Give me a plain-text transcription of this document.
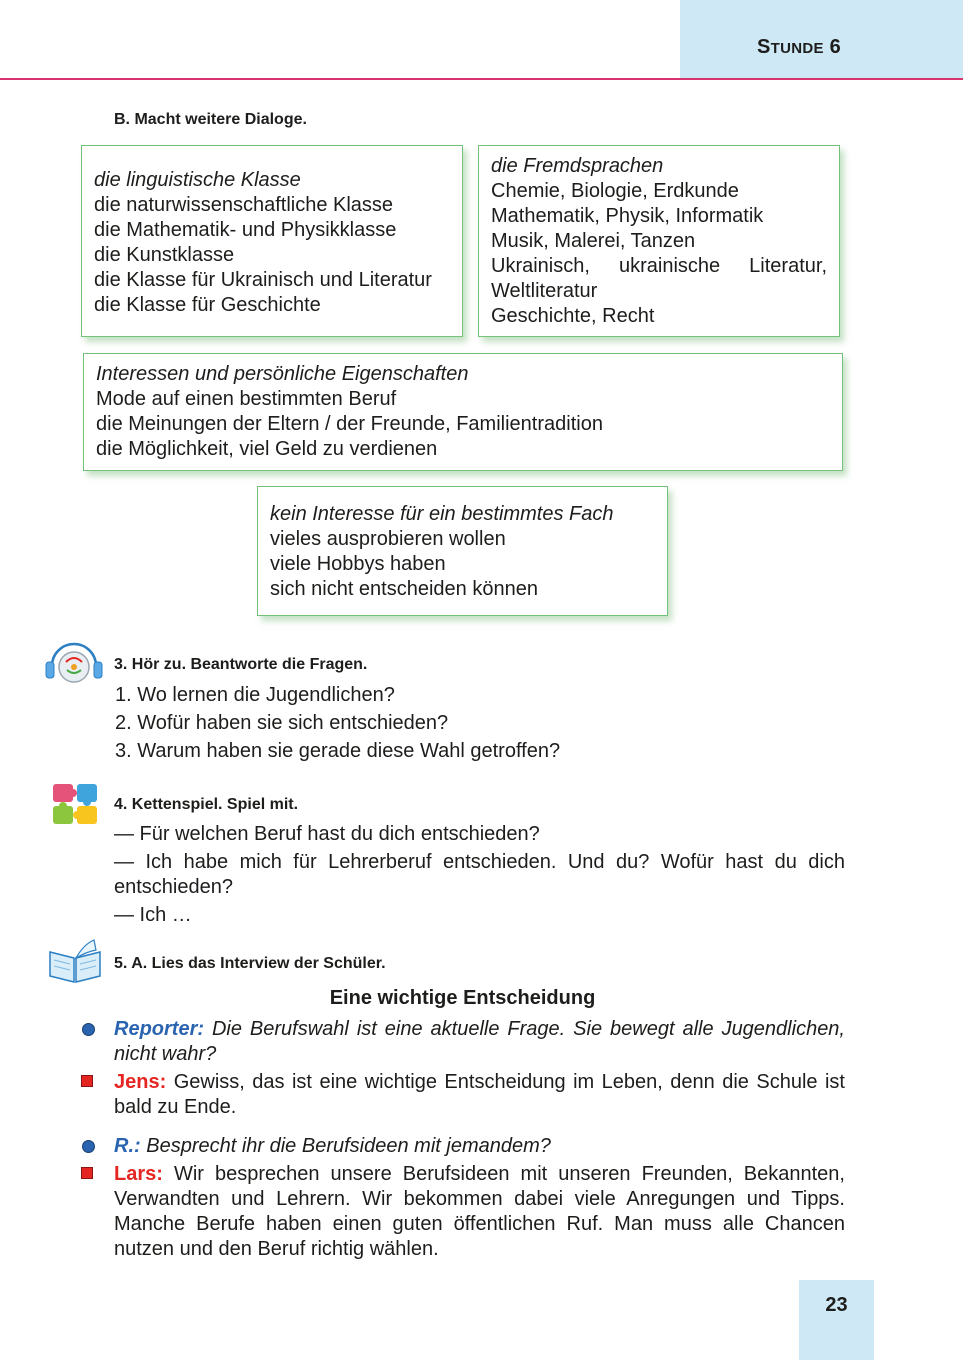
STUNDE 6
B. Macht weitere Dialoge.
die linguistische Klasse
die naturwissenschaftliche Klasse
die Mathematik- und Physikklasse
die Kunstklasse
die Klasse für Ukrainisch und Literatur
die Klasse für Geschichte
die Fremdsprachen
Chemie, Biologie, Erdkunde
Mathematik, Physik, Informatik
Musik, Malerei, Tanzen
Ukrainisch, ukrainische Literatur,
Weltliteratur
Geschichte, Recht
Interessen und persönliche Eigenschaften
Mode auf einen bestimmten Beruf
die Meinungen der Eltern / der Freunde, Familientradition
die Möglichkeit, viel Geld zu verdienen
kein Interesse für ein bestimmtes Fach
vieles ausprobieren wollen
viele Hobbys haben
sich nicht entscheiden können
3. Hör zu. Beantworte die Fragen.
1. Wo lernen die Jugendlichen?
2. Wofür haben sie sich entschieden?
3. Warum haben sie gerade diese Wahl getroffen?
4. Kettenspiel. Spiel mit.
— Für welchen Beruf hast du dich entschieden?
— Ich habe mich für Lehrerberuf entschieden. Und du? Wofür hast du dich entschieden?
— Ich …
5. A. Lies das Interview der Schüler.
Eine wichtige Entscheidung
Reporter: Die Berufswahl ist eine aktuelle Frage. Sie bewegt alle Jugendlichen, nicht wahr?
Jens: Gewiss, das ist eine wichtige Entscheidung im Leben, denn die Schule ist bald zu Ende.
R.: Besprecht ihr die Berufsideen mit jemandem?
Lars: Wir besprechen unsere Berufsideen mit unseren Freunden, Bekannten, Verwandten und Lehrern. Wir bekommen dabei viele Anregungen und Tipps. Manche Berufe haben einen guten öffentlichen Ruf. Man muss alle Chancen nutzen und den Beruf richtig wählen.
23
